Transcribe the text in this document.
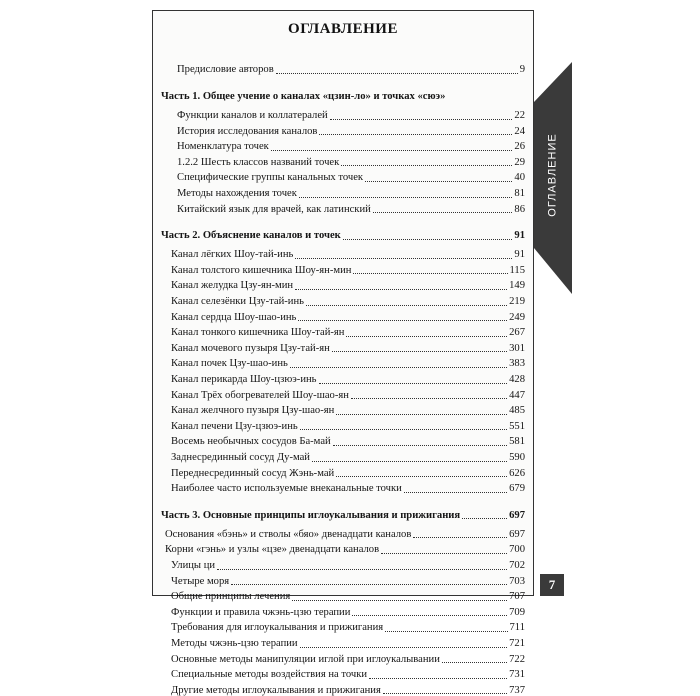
ОГЛАВЛЕНИЕ
Предисловие авторов	9
Часть 1. Общее учение о каналах «цзин-ло» и точках «сюэ»
Функции каналов и коллатералей	22
История исследования каналов	24
Номенклатура точек	26
1.2.2 Шесть классов названий точек	29
Специфические группы канальных точек	40
Методы нахождения точек	81
Китайский язык для врачей, как латинский	86
Часть 2. Объяснение каналов и точек	91
Канал лёгких Шоу-тай-инь	91
Канал толстого кишечника Шоу-ян-мин	115
Канал желудка Цзу-ян-мин	149
Канал селезёнки Цзу-тай-инь	219
Канал сердца Шоу-шао-инь	249
Канал тонкого кишечника Шоу-тай-ян	267
Канал мочевого пузыря Цзу-тай-ян	301
Канал почек Цзу-шао-инь	383
Канал перикарда Шоу-цзюэ-инь	428
Канал Трёх обогревателей Шоу-шао-ян	447
Канал желчного пузыря Цзу-шао-ян	485
Канал печени Цзу-цзюэ-инь	551
Восемь необычных сосудов Ба-май	581
Заднесрединный сосуд Ду-май	590
Переднесрединный сосуд Жэнь-май	626
Наиболее часто используемые внеканальные точки	679
Часть 3. Основные принципы иглоукалывания и прижигания	697
Основания «бэнь» и стволы «бяо» двенадцати каналов	697
Корни «гэнь» и узлы «цзе» двенадцати каналов	700
Улицы ци	702
Четыре моря	703
Общие принципы лечения	707
Функции и правила чжэнь-цзю терапии	709
Требования для иглоукалывания и прижигания	711
Методы чжэнь-цзю терапии	721
Основные методы манипуляции иглой при иглоукалывании	722
Специальные методы воздействия на точки	731
Другие методы иглоукалывания и прижигания	737
ОГЛАВЛЕНИЕ
7
